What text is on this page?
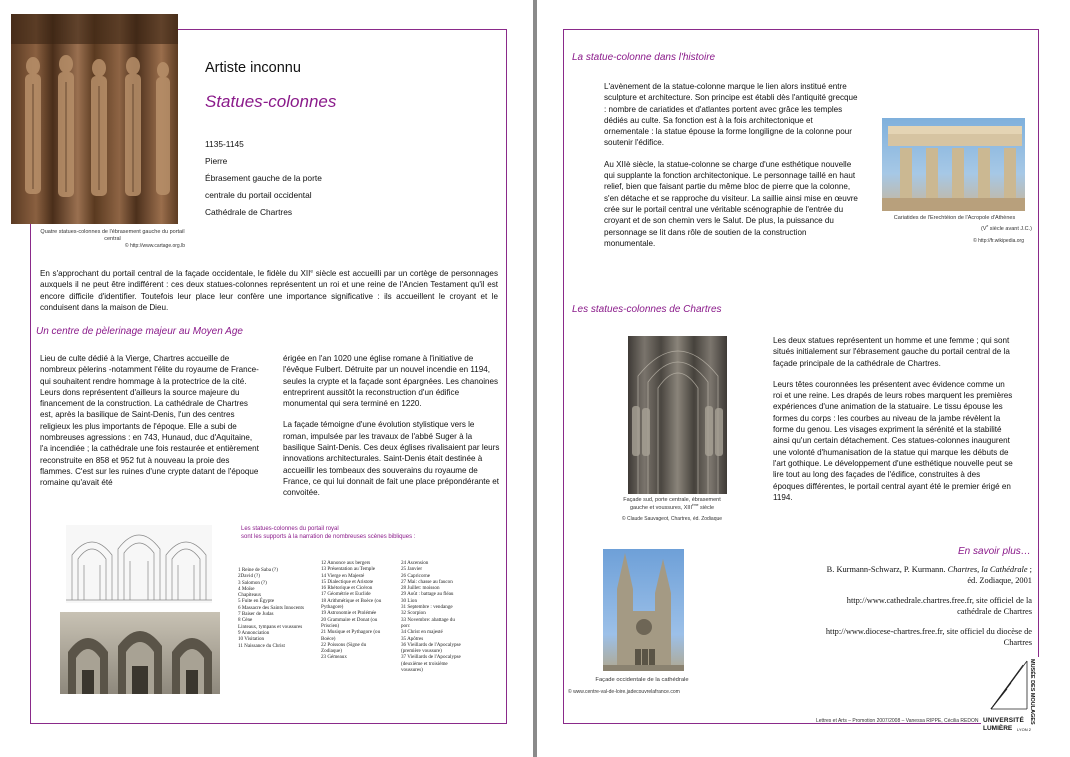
Quatre statues-colonnes de l'ébrasement gauche du portail central
© http://www.cartage.org.lb
Artiste inconnu
Statues-colonnes
1135-1145
Pierre
Ébrasement gauche de la porte
centrale du portail occidental
Cathédrale de Chartres
En s'approchant du portail central de la façade occidentale, le fidèle du XIIe siècle est accueilli par un cortège de personnages auxquels il ne peut être indifférent : ces deux statues-colonnes représentent un roi et une reine de l'Ancien Testament qu'il est encore difficile d'identifier. Toutefois leur place leur confère une importance significative : ils accueillent le croyant et le conduisent dans la maison de Dieu.
Un centre de pèlerinage majeur au Moyen Age
Lieu de culte dédié à la Vierge, Chartres accueille de nombreux pèlerins -notamment l'élite du royaume de France- qui souhaitent rendre hommage à la protectrice de la cité. Leurs dons représentent d'ailleurs la source majeure du financement de la construction. La cathédrale de Chartres est, après la basilique de Saint-Denis, l'un des centres religieux les plus importants de l'époque. Elle a subi de nombreuses agressions : en 743, Hunaud, duc d'Aquitaine, l'a incendiée ; la cathédrale une fois restaurée et entièrement reconstruite en 858 et 952 fut à nouveau la proie des flammes. C'est sur les ruines d'une crypte datant de l'époque romaine qu'avait été

érigée en l'an 1020 une église romane à l'initiative de l'évêque Fulbert. Détruite par un nouvel incendie en 1194, seules la crypte et la façade sont épargnées. Les chanoines entreprirent aussitôt la reconstruction d'un édifice monumental qui sera terminé en 1220.

La façade témoigne d'une évolution stylistique vers le roman, impulsée par les travaux de l'abbé Suger à la basilique Saint-Denis. Ces deux églises rivalisaient par leurs innovations architecturales. Saint-Denis était destinée à accueillir les tombeaux des souverains du royaume de France, ce qui lui donnait de fait une place prépondérante et convoitée.

Les statues-colonnes du portail royal
sont les supports à la narration de nombreuses scènes bibliques :
1 Reine de Saba (?)
2David (?)
3 Salomon (?)
4 Moïse
Chapiteaux
5 Fuite en Égypte
6 Massacre des Saints Innocents
7 Baiser de Judas
8 Cène
Linteaux, tympans et voussures
9 Annonciation
10 Visitation
11 Naissance du Christ
12 Annonce aux bergers
13 Présentation au Temple
14 Vierge en Majesté
15 Dialectique et Aristote
16 Rhétorique et Cicéron
17 Géométrie et Euclide
18 Arithmétique et Boèce (ou Pythagore)
19 Astronomie et Ptolémée
20 Grammaire et Donat (ou Priscien)
21 Musique et Pythagore (ou Boèce)
22 Poissons (Signe du Zodiaque)
23 Gémeaux
24 Ascension
25 Janvier
26 Capricorne
27 Mai: chasse au faucon
28 Juillet: moisson
29 Août : battage au fléau
30 Lion
31 Septembre : vendange
32 Scorpion
33 Novembre: abattage du porc
34 Christ en majesté
35 Apôtres
36 Vieillards de l'Apocalypse (première voussure)
37 Vieillards de l'Apocalypse (deuxième et troisième voussures)
La statue-colonne dans l'histoire

L'avènement de la statue-colonne marque le lien alors institué entre sculpture et architecture. Son principe est établi dès l'antiquité grecque : nombre de cariatides et d'atlantes portent avec grâce les temples dédiés au culte. Sa fonction est à la fois architectonique et ornementale : la statue épouse la forme longiligne de la colonne pour soutenir l'édifice.

Au XIIè siècle, la statue-colonne se charge d'une esthétique nouvelle qui supplante la fonction architectonique. Le personnage taillé en haut relief, bien que faisant partie du même bloc de pierre que la colonne, s'en détache et se rapproche du visiteur. La saillie ainsi mise en œuvre crée sur le portail central une véritable scénographie de l'entrée du croyant et de son chemin vers le Salut. De plus, la puissance du personnage se lit dans rôle de soutien de la construction monumentale.

Cariatides de l'Erechtéion de l'Acropole d'Athènes
(Ve siècle avant J.C.)
© http://fr.wikipedia.org
Les statues-colonnes de Chartres
Façade sud, porte centrale, ébrasement
gauche et voussures, XIIIème siècle
© Claude Sauvageot, Chartres, éd. Zodiaque

Les deux statues représentent un homme et une femme ; qui sont situés initialement sur l'ébrasement gauche du portail central de la façade principale de la cathédrale de Chartres.

Leurs têtes couronnées les présentent avec évidence comme un roi et une reine. Les drapés de leurs robes marquent les premières expériences d'une animation de la statuaire. Le tissu épouse les formes du corps : les courbes au niveau de la jambe révèlent la forme du genou. Les visages expriment la sérénité et la stabilité ainsi qu'un certain détachement. Ces statues-colonnes inaugurent une volonté d'humanisation de la statue qui marque les débuts de l'art gothique. Le développement d'une esthétique nouvelle peut se lire tout au long des façades de l'édifice, construites à des époques différentes, le portail central ayant été le premier érigé en 1194.

Façade occidentale de la cathédrale
© www.centre-val-de-loire.jadecouvrelafrance.com
En savoir plus…

B. Kurmann-Schwarz, P. Kurmann. Chartres, la Cathédrale ; éd. Zodiaque, 2001

http://www.cathedrale.chartres.free.fr, site officiel de la cathédrale de Chartres

http://www.diocese-chartres.free.fr, site officiel du diocèse de Chartres

Lettres et Arts – Promotion 2007/2008 – Vanessa RIPPE, Cécilia REDON UNIVERSITÉ
LUMIÈRE LYON 2
MUSÉE DES MOULAGES
